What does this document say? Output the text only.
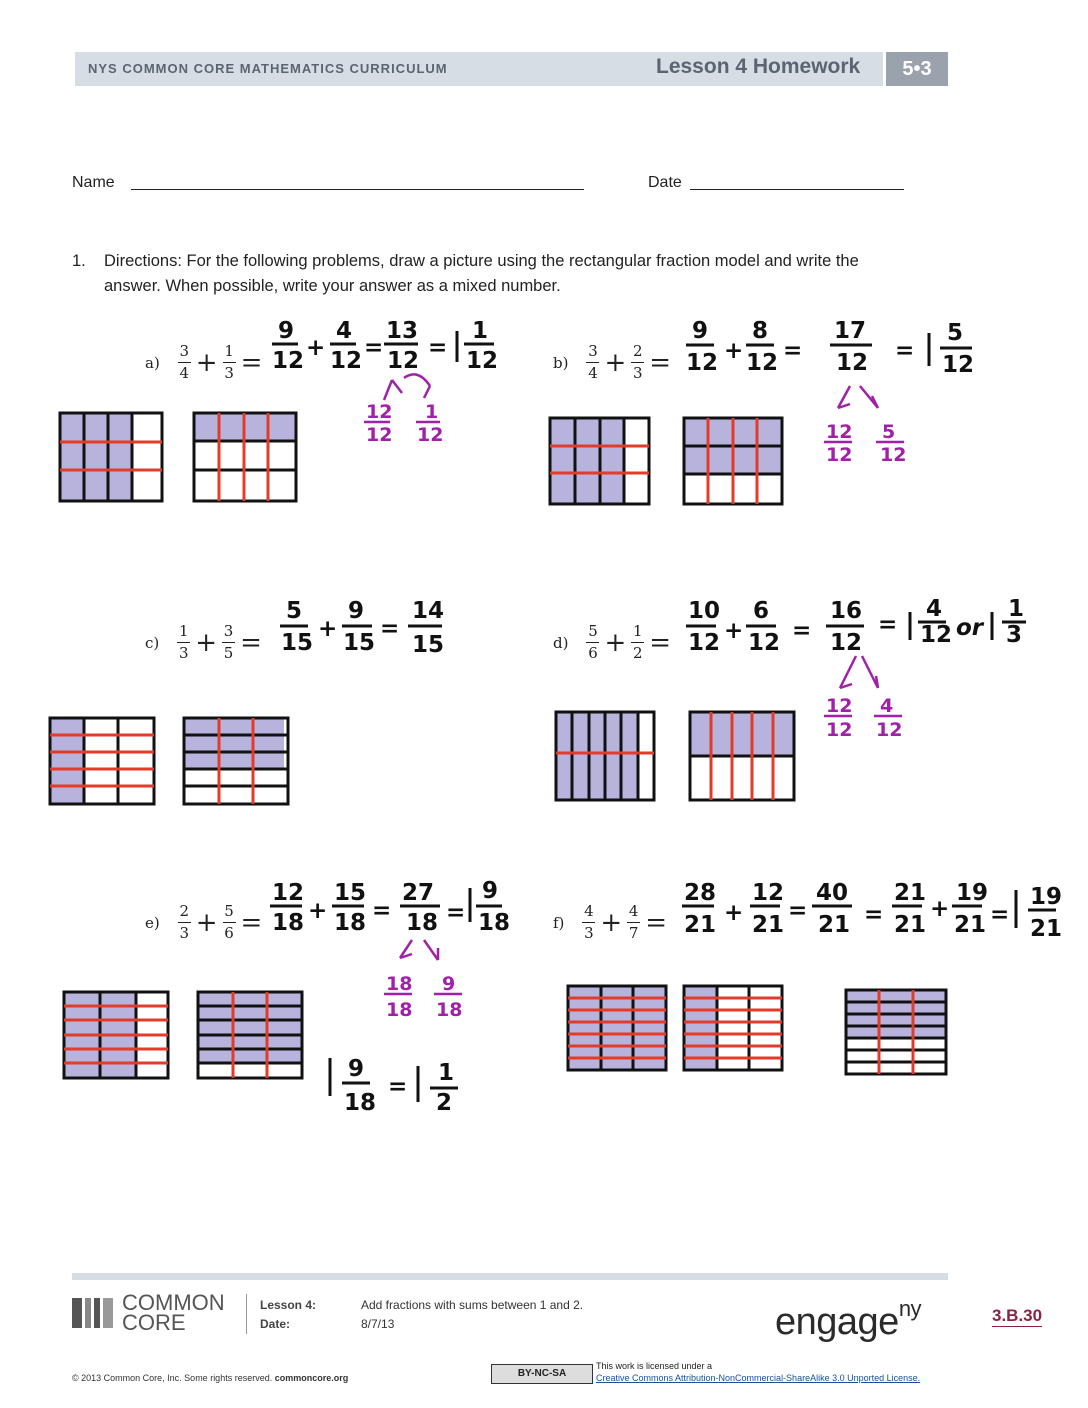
NYS COMMON CORE MATHEMATICS CURRICULUM	Lesson 4 Homework	5•3
Name	Date
1. Directions: For the following problems, draw a picture using the rectangular fraction model and write the
answer. When possible, write your answer as a mixed number.
$a) \frac{3}{4} + \frac{1}{3}$ =	$b) \frac{3}{4} + \frac{2}{3}$ =
$c) \frac{1}{3} + \frac{3}{5}$ =	$d) \frac{5}{6} + \frac{1}{2}$ =
$e) \frac{2}{3} + \frac{5}{6}$ =	$f) \frac{4}{3} + \frac{4}{7}$ =
9
12 +
4
12 =
13
12 =
1
12
12
12
1
12
9
12 +
8
12 =
17
12 =
5
12
12
12
5
12
5
15
+
9
15
=
14
15
10
12 +
6
12 =
16
12
=
4
12 or
1
3
12
12
4
12
12
18 +
15
18 =
27
18 =
9
18
18
18
9
18
9
18
=
1
2
28
21 +
12
21
=
40
21 =
21
21
+
19
21 =
19
21
COMMON
CORE
Lesson 4:	Add fractions with sums between 1 and 2.
Date:	8/7/13	engage$^{ny}$	3.B.30
© 2013 Common Core, Inc. Some rights reserved. commoncore.org	BY-NC-SA
This work is licensed under a
Creative Commons Attribution-NonCommercial-ShareAlike 3.0 Unported License.
